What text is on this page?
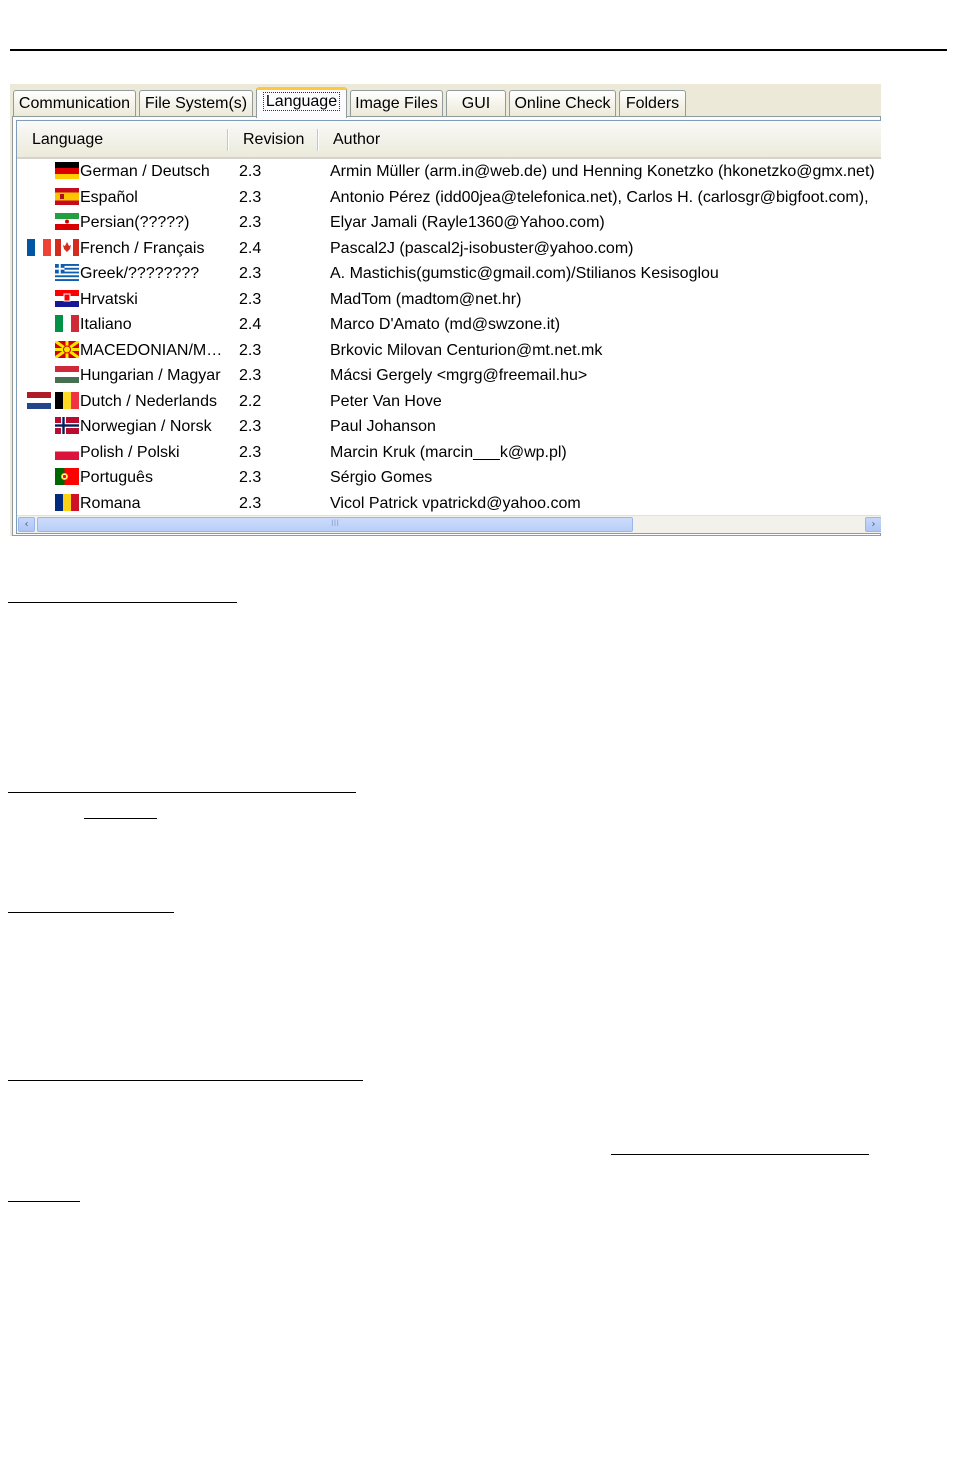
Communication File System(s)	Language	Image Files	GUI	Online Check Folders
Language	Revision Author
German / Deutsch	2.3	Armin Müller (arm.in@web.de) und Henning Konetzko (hkonetzko@gmx.net)
Español	2.3	Antonio Pérez (idd00jea@telefonica.net), Carlos H. (carlosgr@bigfoot.com),
Persian(?????)	2.3	Elyar Jamali (Rayle1360@Yahoo.com)
French / Français	2.4	Pascal2J (pascal2j-isobuster@yahoo.com)
Greek/????????	2.3	A. Mastichis(gumstic@gmail.com)/Stilianos Kesisoglou
Hrvatski	2.3	MadTom (madtom@net.hr)
Italiano	2.4	Marco D'Amato (md@swzone.it)
MACEDONIAN/M…	2.3	Brkovic Milovan Centurion@mt.net.mk
Hungarian / Magyar	2.3	Mácsi Gergely <mgrg@freemail.hu>
Dutch / Nederlands	2.2	Peter Van Hove
Norwegian / Norsk	2.3	Paul Johanson
Polish / Polski	2.3	Marcin Kruk (marcin___k@wp.pl)
Português	2.3	Sérgio Gomes
Romana	2.3	Vicol Patrick vpatrickd@yahoo.com
‹	III	›
